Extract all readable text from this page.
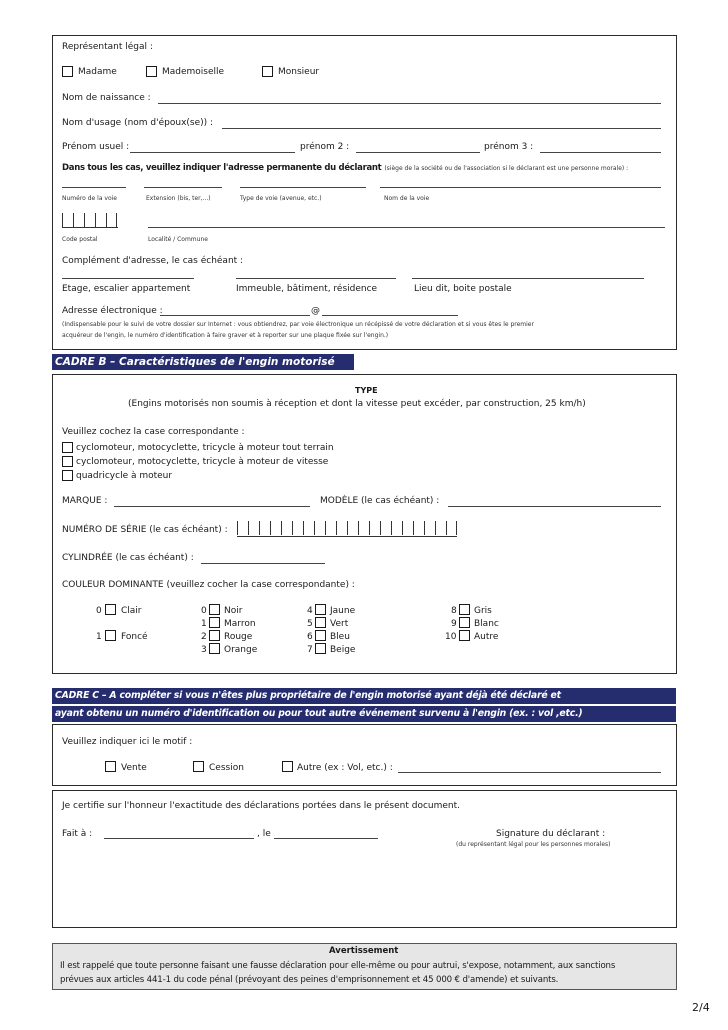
Représentant légal :
Madame	Mademoiselle	Monsieur
Nom de naissance :
Nom d'usage (nom d'époux(se)) :
Prénom usuel :	prénom 2 :	prénom 3 :
Dans tous les cas, veuillez indiquer l'adresse permanente du déclarant (siège de la société ou de l'association si le déclarant est une personne morale) :
Numéro de la voie	Extension (bis, ter,...)	Type de voie (avenue, etc.)	Nom de la voie
Code postal	Localité / Commune
Complément d'adresse, le cas échéant :
Etage, escalier appartement	Immeuble, bâtiment, résidence	Lieu dit, boite postale
Adresse électronique :	@
(Indispensable pour le suivi de votre dossier sur Internet : vous obtiendrez, par voie électronique un récépissé de votre déclaration et si vous êtes le premier
acquéreur de l'engin, le numéro d'identification à faire graver et à reporter sur une plaque fixée sur l'engin.)
CADRE B – Caractéristiques de l'engin motorisé
TYPE
(Engins motorisés non soumis à réception et dont la vitesse peut excéder, par construction, 25 km/h)
Veuillez cochez la case correspondante :
cyclomoteur, motocyclette, tricycle à moteur tout terrain
cyclomoteur, motocyclette, tricycle à moteur de vitesse
quadricycle à moteur
MARQUE :	MODÈLE (le cas échéant) :
NUMÉRO DE SÉRIE (le cas échéant) :
CYLINDRÉE (le cas échéant) :
COULEUR DOMINANTE (veuillez cocher la case correspondante) :
0 Clair
1 Foncé
0 Noir
1 Marron
2 Rouge
3 Orange
4 Jaune
5 Vert
6 Bleu
7 Beige
8 Gris
9 Blanc
10 Autre
CADRE C – A compléter si vous n'êtes plus propriétaire de l'engin motorisé ayant déjà été déclaré et
ayant obtenu un numéro d'identification ou pour tout autre événement survenu à l'engin (ex. : vol ,etc.)
Veuillez indiquer ici le motif :
Vente	Cession	Autre (ex : Vol, etc.) :
Je certifie sur l'honneur l'exactitude des déclarations portées dans le présent document.
Fait à :	, le	Signature du déclarant :
(du représentant légal pour les personnes morales)
Avertissement
Il est rappelé que toute personne faisant une fausse déclaration pour elle-même ou pour autrui, s'expose, notamment, aux sanctions
prévues aux articles 441-1 du code pénal (prévoyant des peines d'emprisonnement et 45 000 € d'amende) et suivants.
2/4
